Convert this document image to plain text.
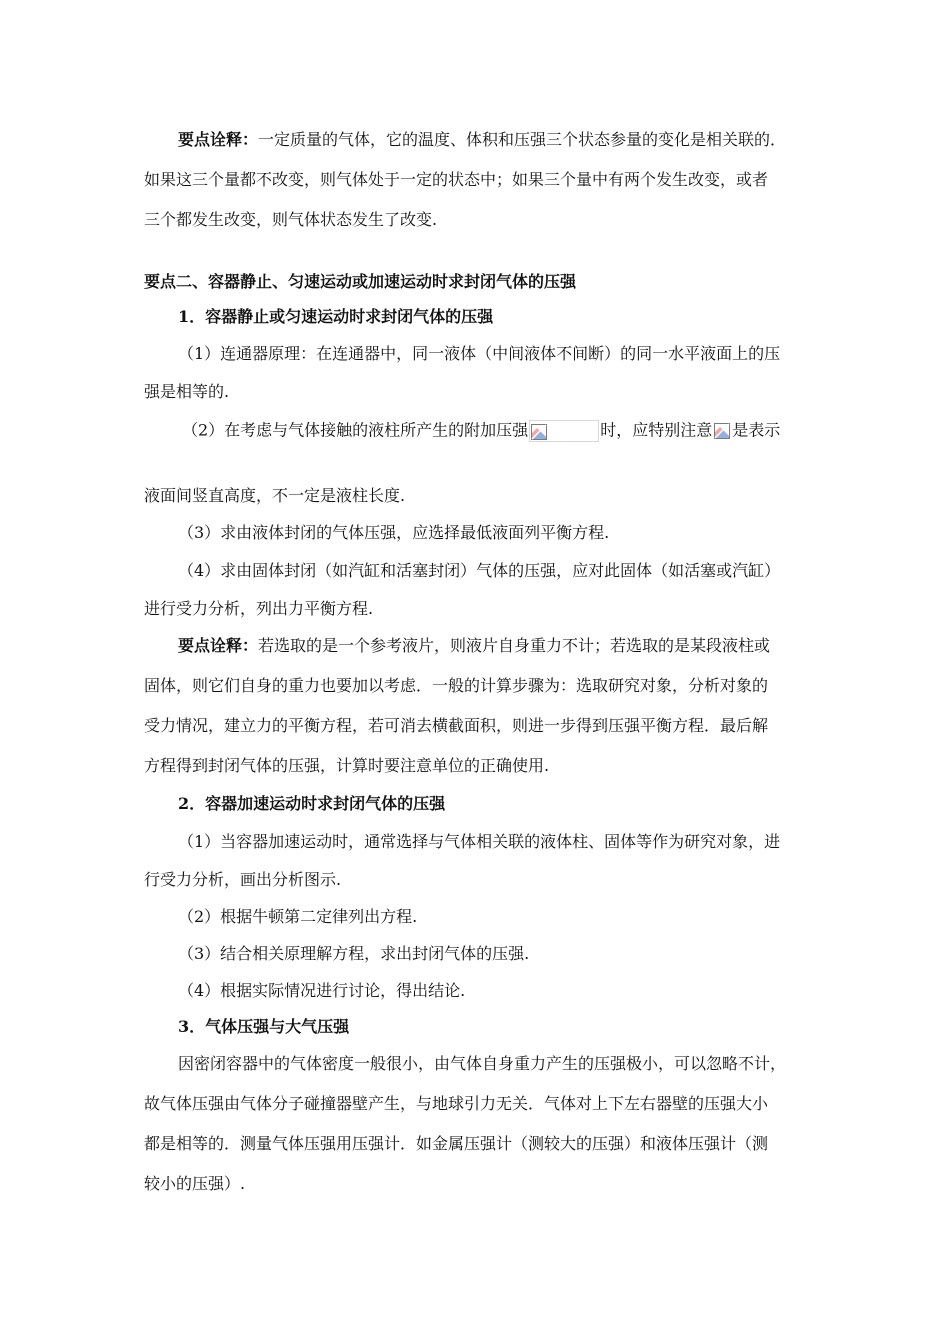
要点诠释：一定质量的气体，它的温度、体积和压强三个状态参量的变化是相关联的．
如果这三个量都不改变，则气体处于一定的状态中；如果三个量中有两个发生改变，或者
三个都发生改变，则气体状态发生了改变.
要点二、容器静止、匀速运动或加速运动时求封闭气体的压强
1．容器静止或匀速运动时求封闭气体的压强
（1）连通器原理：在连通器中，同一液体（中间液体不间断）的同一水平液面上的压
强是相等的.
（2）在考虑与气体接触的液柱所产生的附加压强	时，应特别注意 是表示
液面间竖直高度，不一定是液柱长度.
（3）求由液体封闭的气体压强，应选择最低液面列平衡方程.
（4）求由固体封闭（如汽缸和活塞封闭）气体的压强，应对此固体（如活塞或汽缸）
进行受力分析，列出力平衡方程.
要点诠释：若选取的是一个参考液片，则液片自身重力不计；若选取的是某段液柱或
固体，则它们自身的重力也要加以考虑．一般的计算步骤为：选取研究对象，分析对象的
受力情况，建立力的平衡方程，若可消去横截面积，则进一步得到压强平衡方程．最后解
方程得到封闭气体的压强，计算时要注意单位的正确使用.
2．容器加速运动时求封闭气体的压强
（1）当容器加速运动时，通常选择与气体相关联的液体柱、固体等作为研究对象，进
行受力分析，画出分析图示.
（2）根据牛顿第二定律列出方程.
（3）结合相关原理解方程，求出封闭气体的压强.
（4）根据实际情况进行讨论，得出结论.
3．气体压强与大气压强
因密闭容器中的气体密度一般很小，由气体自身重力产生的压强极小，可以忽略不计，
故气体压强由气体分子碰撞器壁产生，与地球引力无关．气体对上下左右器壁的压强大小
都是相等的．测量气体压强用压强计．如金属压强计（测较大的压强）和液体压强计（测
较小的压强）.
